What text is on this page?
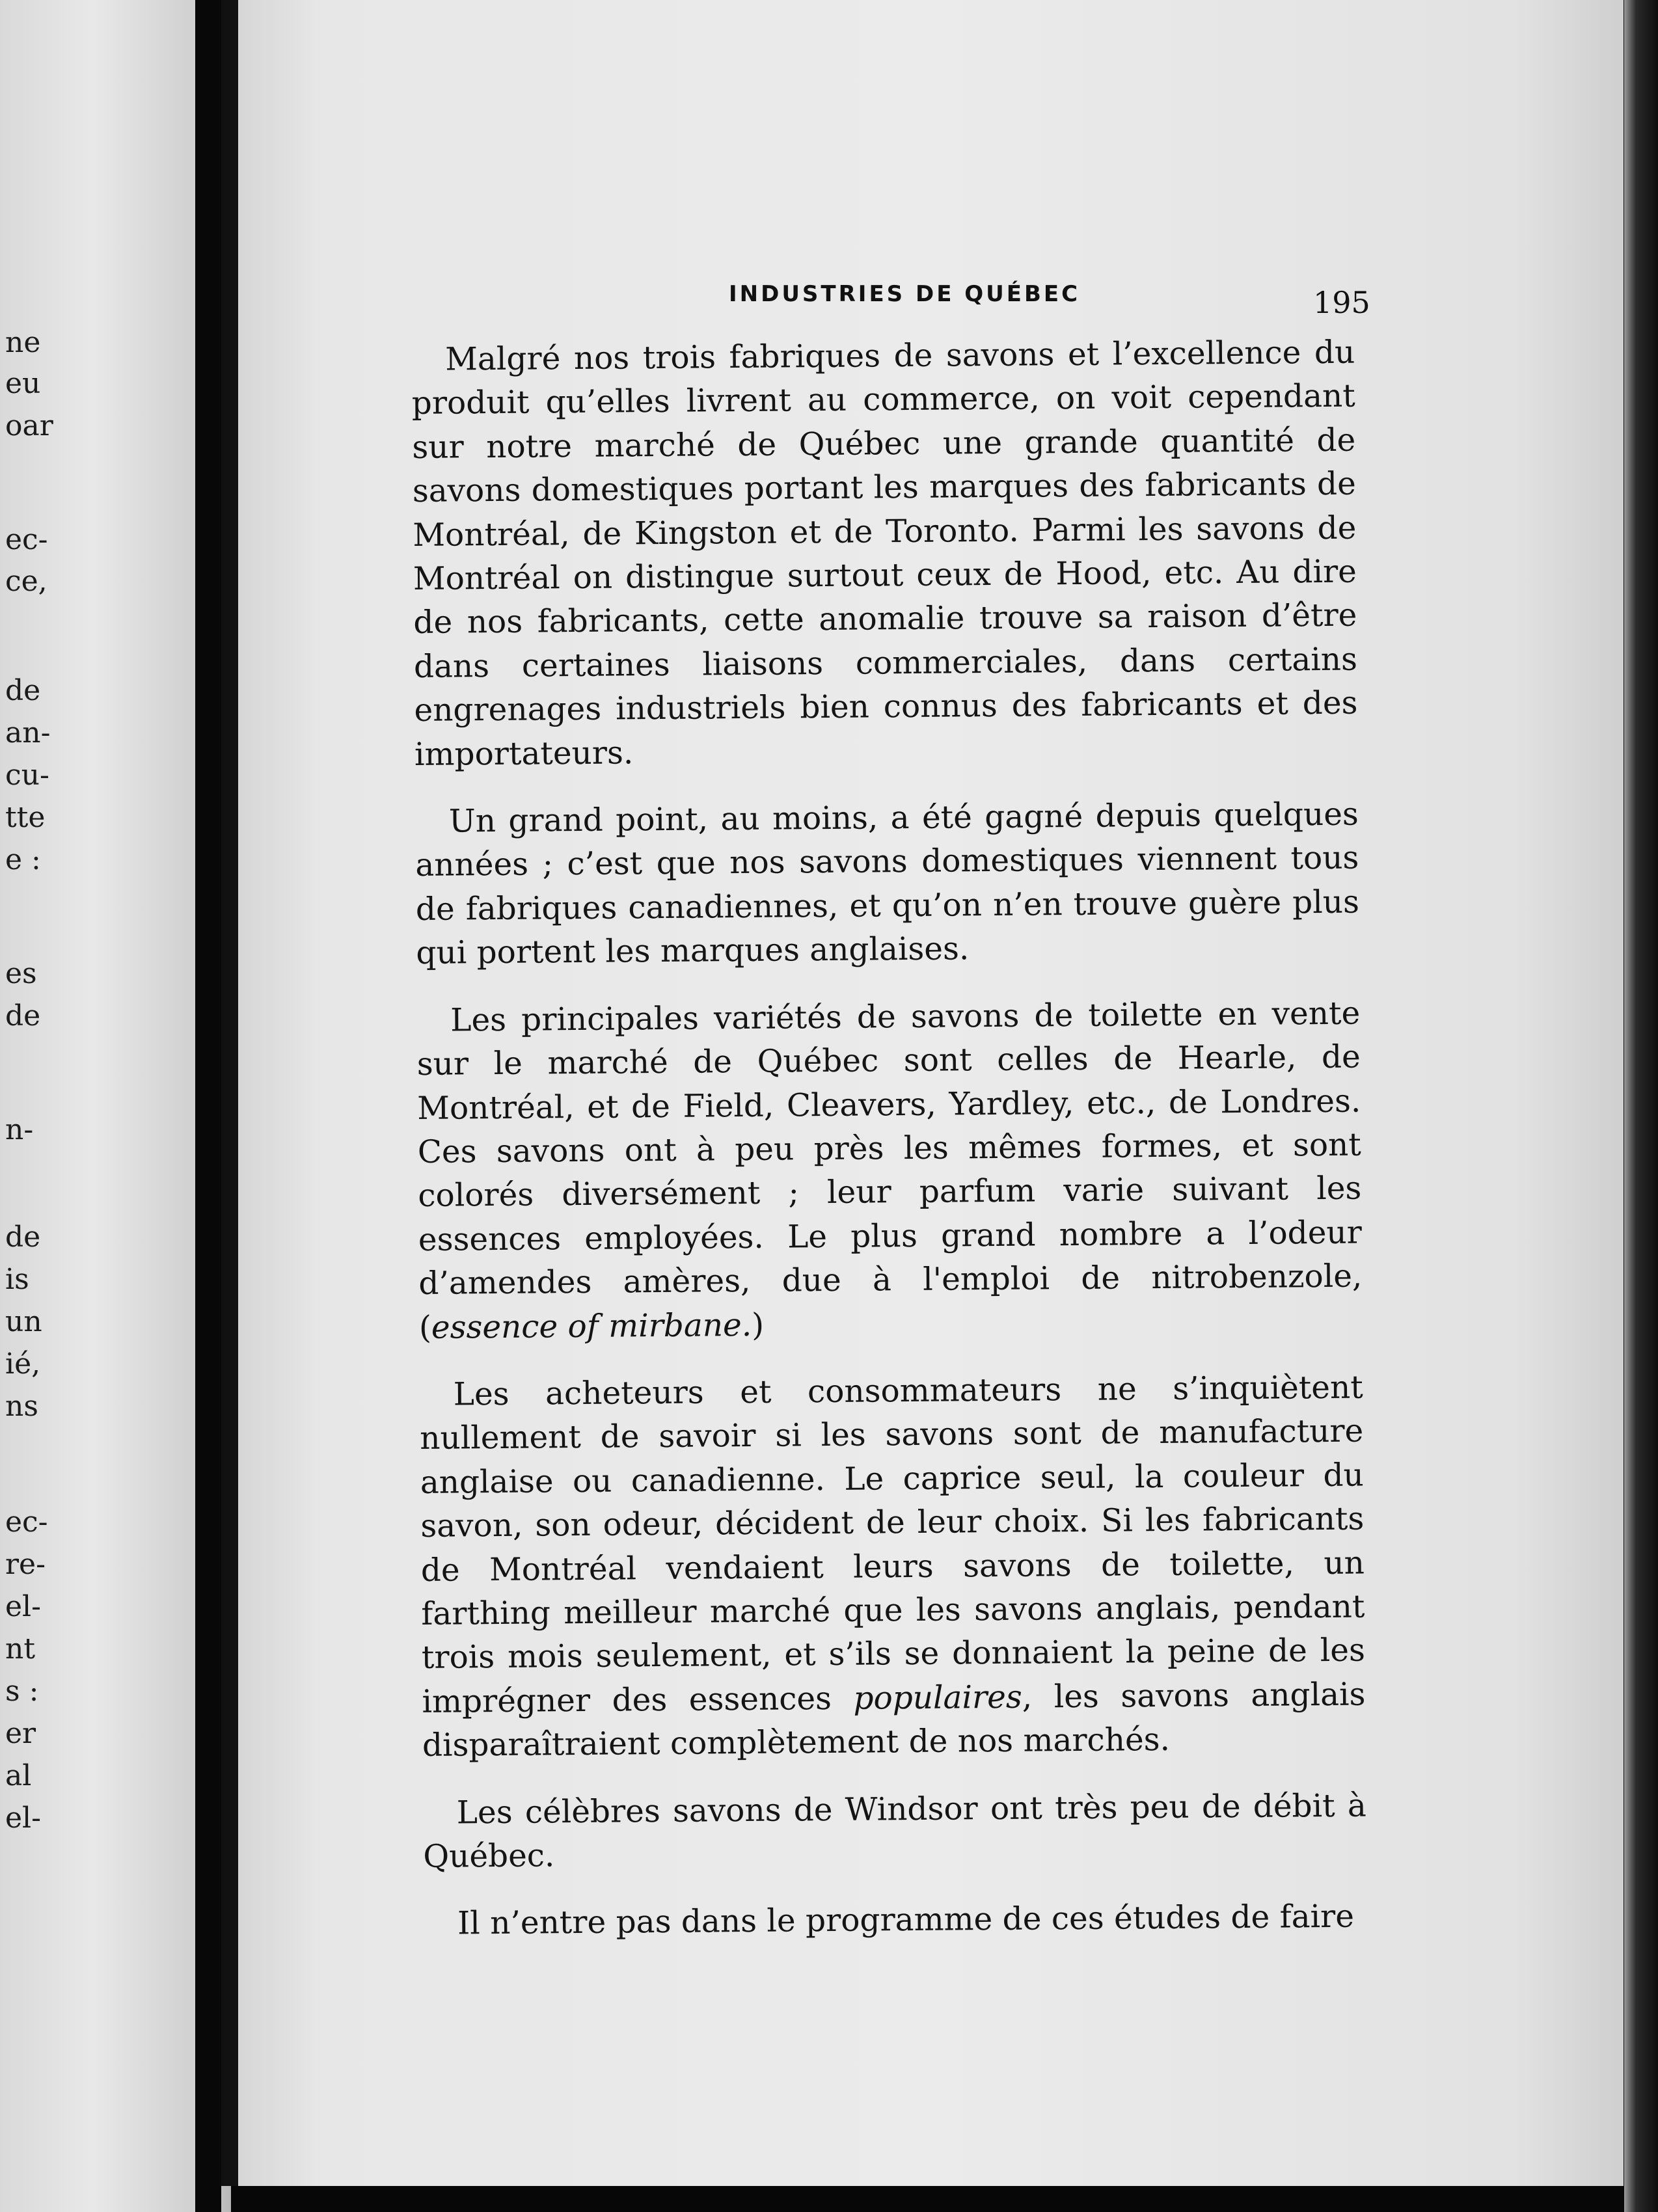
ne
eu
oar
ec-
ce,
de
an-
cu-
tte
e :
es
de
n-
de
is
un
ié,
ns
ec-
re-
el-
nt
s :
er
al
el-
INDUSTRIES DE QUÉBEC	195

Malgré nos trois fabriques de savons et l’excellence du produit qu’elles livrent au commerce, on voit cependant sur notre marché de Québec une grande quantité de savons domestiques portant les marques des fabricants de Montréal, de Kingston et de Toronto. Parmi les savons de Montréal on distingue surtout ceux de Hood, etc. Au dire de nos fabricants, cette anomalie trouve sa raison d’être dans certaines liaisons commerciales, dans certains engrenages industriels bien connus des fabricants et des importateurs.

Un grand point, au moins, a été gagné depuis quelques années ; c’est que nos savons domestiques viennent tous de fabriques canadiennes, et qu’on n’en trouve guère plus qui portent les marques anglaises.

Les principales variétés de savons de toilette en vente sur le marché de Québec sont celles de Hearle, de Montréal, et de Field, Cleavers, Yardley, etc., de Londres. Ces savons ont à peu près les mêmes formes, et sont colorés diversément ; leur parfum varie suivant les essences employées. Le plus grand nombre a l’odeur d’amendes amères, due à l'emploi de nitrobenzole, (essence of mirbane.)

Les acheteurs et consommateurs ne s’inquiètent nullement de savoir si les savons sont de manufacture anglaise ou canadienne. Le caprice seul, la couleur du savon, son odeur, décident de leur choix. Si les fabricants de Montréal vendaient leurs savons de toilette, un farthing meilleur marché que les savons anglais, pendant trois mois seulement, et s’ils se donnaient la peine de les imprégner des essences populaires, les savons anglais disparaîtraient complètement de nos marchés.

Les célèbres savons de Windsor ont très peu de débit à Québec.

Il n’entre pas dans le programme de ces études de faire
